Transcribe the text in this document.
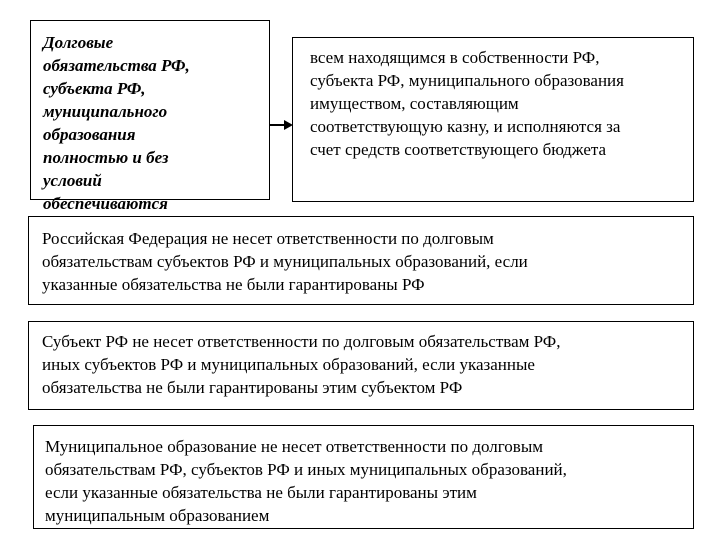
Долговые
обязательства РФ,
субъекта РФ,
муниципального
образования
полностью и без
условий
обеспечиваются
всем находящимся в собственности РФ,
субъекта РФ, муниципального образования
имуществом, составляющим
соответствующую казну, и исполняются за
счет средств соответствующего бюджета
Российская Федерация не несет ответственности по долговым
обязательствам субъектов РФ и муниципальных образований, если
указанные обязательства не были гарантированы РФ
Субъект РФ не несет ответственности по долговым обязательствам РФ,
иных субъектов РФ и муниципальных образований, если указанные
обязательства не были гарантированы этим субъектом РФ
Муниципальное образование не несет ответственности по долговым
обязательствам РФ, субъектов РФ и иных муниципальных образований,
если указанные обязательства не были гарантированы этим
муниципальным образованием
